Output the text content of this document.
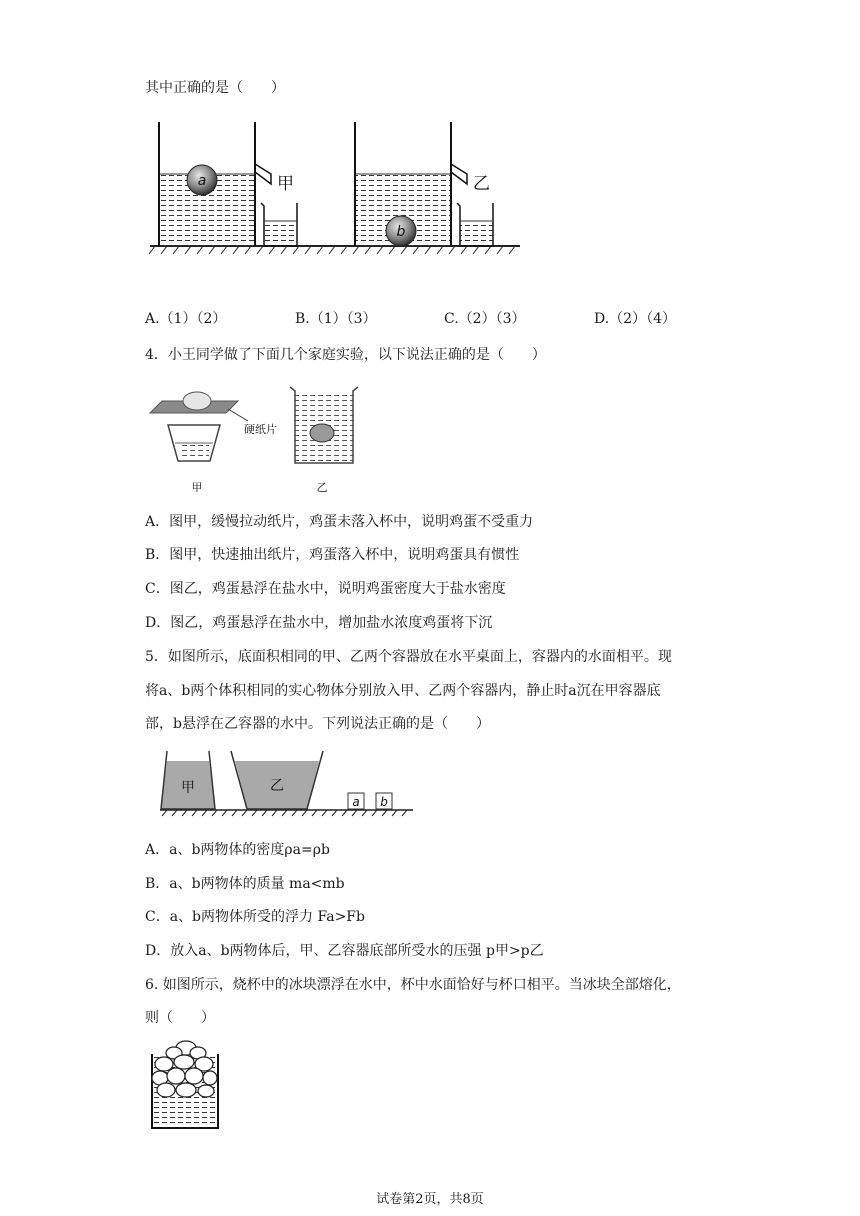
其中正确的是（　　）
a	甲
b
乙
A.（1）（2）	B.（1）（3）	C.（2）（3）	D.（2）（4）
4．小王同学做了下面几个家庭实验，以下说法正确的是（　　）
硬纸片
甲	乙
A．图甲，缓慢拉动纸片，鸡蛋未落入杯中，说明鸡蛋不受重力
B．图甲，快速抽出纸片，鸡蛋落入杯中，说明鸡蛋具有惯性
C．图乙，鸡蛋悬浮在盐水中，说明鸡蛋密度大于盐水密度
D．图乙，鸡蛋悬浮在盐水中，增加盐水浓度鸡蛋将下沉
5．如图所示，底面积相同的甲、乙两个容器放在水平桌面上，容器内的水面相平。现
将a、b两个体积相同的实心物体分别放入甲、乙两个容器内，静止时a沉在甲容器底
部，b悬浮在乙容器的水中。下列说法正确的是（　　）
甲	乙
a b
A．a、b两物体的密度ρa=ρb
B．a、b两物体的质量 ma<mb
C．a、b两物体所受的浮力 Fa>Fb
D．放入a、b两物体后，甲、乙容器底部所受水的压强 p甲>p乙
6. 如图所示，烧杯中的冰块漂浮在水中，杯中水面恰好与杯口相平。当冰块全部熔化，
则（　　）
试卷第2页，共8页
